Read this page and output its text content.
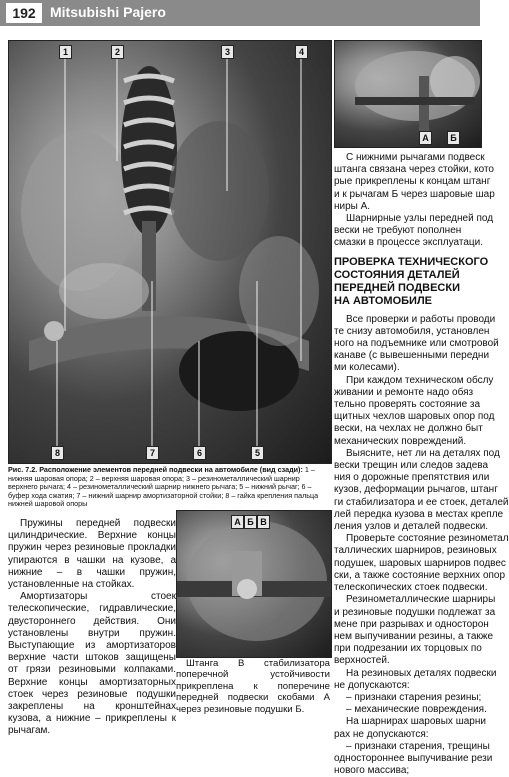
192	Mitsubishi Pajero
1	2	3	4
5
6
7
8
А	Б
А Б В
Рис. 7.2. Расположение элементов передней подвески на автомобиле (вид сзади): 1 – нижняя шаровая опора; 2 – верхняя шаровая опора; 3 – резинометаллический шарнир верхнего рычага; 4 – резинометаллический шарнир нижнего рычага; 5 – нижний рычаг; 6 – буфер хода сжатия; 7 – нижний шарнир амортизаторной стойки; 8 – гайка крепления пальца нижней шаровой опоры

Пружины передней подвески цилиндрические. Верхние концы пружин через резиновые прокладки упираются в чашки на кузове, а нижние – в чашки пружин, установленные на стойках.

Амортизаторы стоек телескопические, гидравлические, двустороннего действия. Они установлены внутри пружин. Выступающие из амортизаторов верхние части штоков защищены от грязи резиновыми колпаками. Верхние концы амортизаторных стоек через резиновые подушки закреплены на кронштейнах кузова, а нижние – прикреплены к рычагам.

Штанга В стабилизатора поперечной устойчивости прикреплена к поперечине передней подвески скобами А через резиновые подушки Б.

С нижними рычагами подвеск

штанга связана через стойки, кото

рые прикреплены к концам штанг

и к рычагам Б через шаровые шар

ниры А.

Шарнирные узлы передней под

вески не требуют пополнен

смазки в процессе эксплуатаци.

ПРОВЕРКА ТЕХНИЧЕСКОГО
СОСТОЯНИЯ ДЕТАЛЕЙ
ПЕРЕДНЕЙ ПОДВЕСКИ
НА АВТОМОБИЛЕ

Все проверки и работы проводи

те снизу автомобиля, установлен

ного на подъемнике или смотровой

канаве (с вывешенными передни

ми колесами).

При каждом техническом обслу

живании и ремонте надо обяз

тельно проверять состояние за

щитных чехлов шаровых опор под

вески, на чехлах не должно быт

механических повреждений.

Выясните, нет ли на деталях под

вески трещин или следов задева

ния о дорожные препятствия или

кузов, деформации рычагов, штанг

ги стабилизатора и ее стоек, деталей

лей передка кузова в местах крепле

ления узлов и деталей подвески.

Проверьте состояние резинометал

таллических шарниров, резиновых

подушек, шаровых шарниров подвес

ски, а также состояние верхних опор

телескопических стоек подвески.

Резинометаллические шарниры

и резиновые подушки подлежат за

мене при разрывах и односторон

нем выпучивании резины, а также

при подрезании их торцовых по

верхностей.

На резиновых деталях подвески

не допускаются:

– признаки старения резины;

– механические повреждения.

На шарнирах шаровых шарни

рах не допускаются:

– признаки старения, трещины

одностороннее выпучивание рези

нового массива;
